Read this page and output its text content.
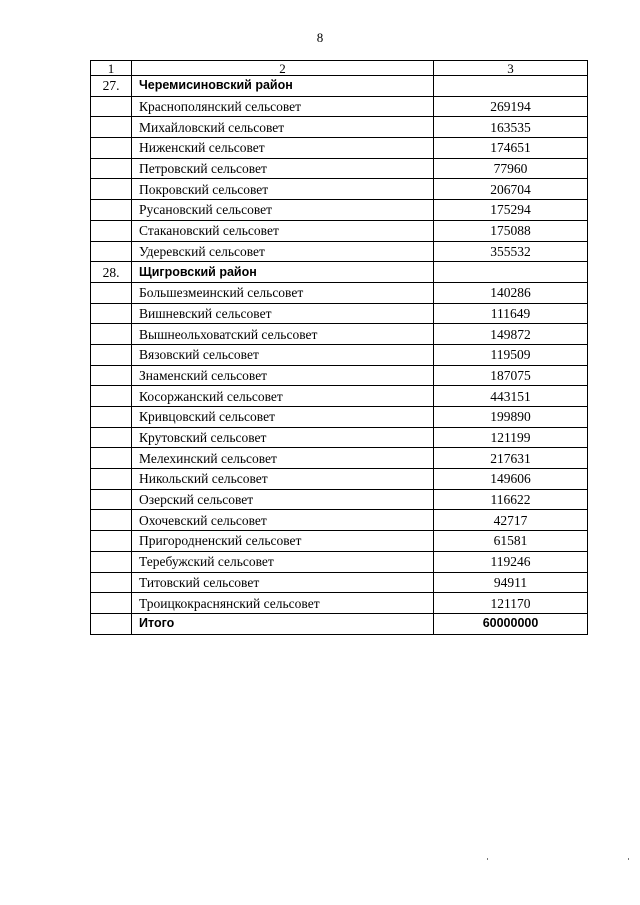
8
1	2	3
27.	Черемисиновский район	
	Краснополянский сельсовет	269194
	Михайловский сельсовет	163535
	Ниженский сельсовет	174651
	Петровский сельсовет	77960
	Покровский сельсовет	206704
	Русановский сельсовет	175294
	Стакановский сельсовет	175088
	Удеревский сельсовет	355532
28.	Щигровский район	
	Большезмеинский сельсовет	140286
	Вишневский сельсовет	111649
	Вышнеольховатский сельсовет	149872
	Вязовский сельсовет	119509
	Знаменский сельсовет	187075
	Косоржанский сельсовет	443151
	Кривцовский сельсовет	199890
	Крутовский сельсовет	121199
	Мелехинский сельсовет	217631
	Никольский сельсовет	149606
	Озерский сельсовет	116622
	Охочевский сельсовет	42717
	Пригородненский сельсовет	61581
	Теребужский сельсовет	119246
	Титовский сельсовет	94911
	Троицкокраснянский сельсовет	121170
	Итого	60000000
